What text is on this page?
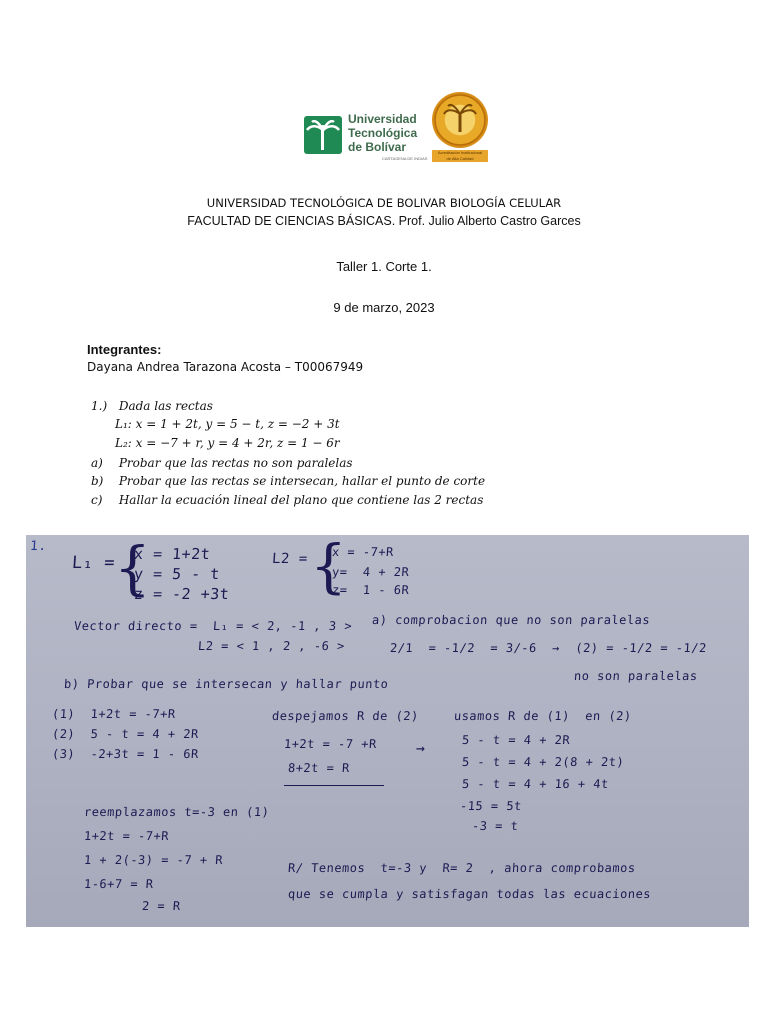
Universidad
Tecnológica
de Bolívar
CARTAGENA DE INDIAS
Acreditación Institucional
de Alta Calidad
UNIVERSIDAD TECNOLÓGICA DE BOLIVAR BIOLOGÍA CELULAR
FACULTAD DE CIENCIAS BÁSICAS. Prof. Julio Alberto Castro Garces
Taller 1. Corte 1.
9 de marzo, 2023
Integrantes:
Dayana Andrea Tarazona Acosta – T00067949
1.) Dada las rectas
L₁: x = 1 + 2t, y = 5 − t, z = −2 + 3t
L₂: x = −7 + r, y = 4 + 2r, z = 1 − 6r
a) Probar que las rectas no son paralelas
b) Probar que las rectas se intersecan, hallar el punto de corte
c) Hallar la ecuación lineal del plano que contiene las 2 rectas
1.
L₁ =
{
x = 1+2t
y = 5 - t
z = -2 +3t
L2 = {
x = -7+R
y=  4 + 2R
z=  1 - 6R
Vector directo =  L₁ = < 2, -1 , 3 >
L2 = < 1 , 2 , -6 >
a) comprobacion que no son paralelas
2/1  = -1/2  = 3/-6  →  (2) = -1/2 = -1/2
no son paralelas
b) Probar que se intersecan y hallar punto
(1)  1+2t = -7+R
(2)  5 - t = 4 + 2R
(3)  -2+3t = 1 - 6R
despejamos R de (2)
1+2t = -7 +R
8+2t = R
→
usamos R de (1)  en (2)
5 - t = 4 + 2R
5 - t = 4 + 2(8 + 2t)
5 - t = 4 + 16 + 4t
-15 = 5t
-3 = t
reemplazamos t=-3 en (1)
1+2t = -7+R
1 + 2(-3) = -7 + R
1-6+7 = R
2 = R
R/ Tenemos  t=-3 y  R= 2  , ahora comprobamos
que se cumpla y satisfagan todas las ecuaciones
